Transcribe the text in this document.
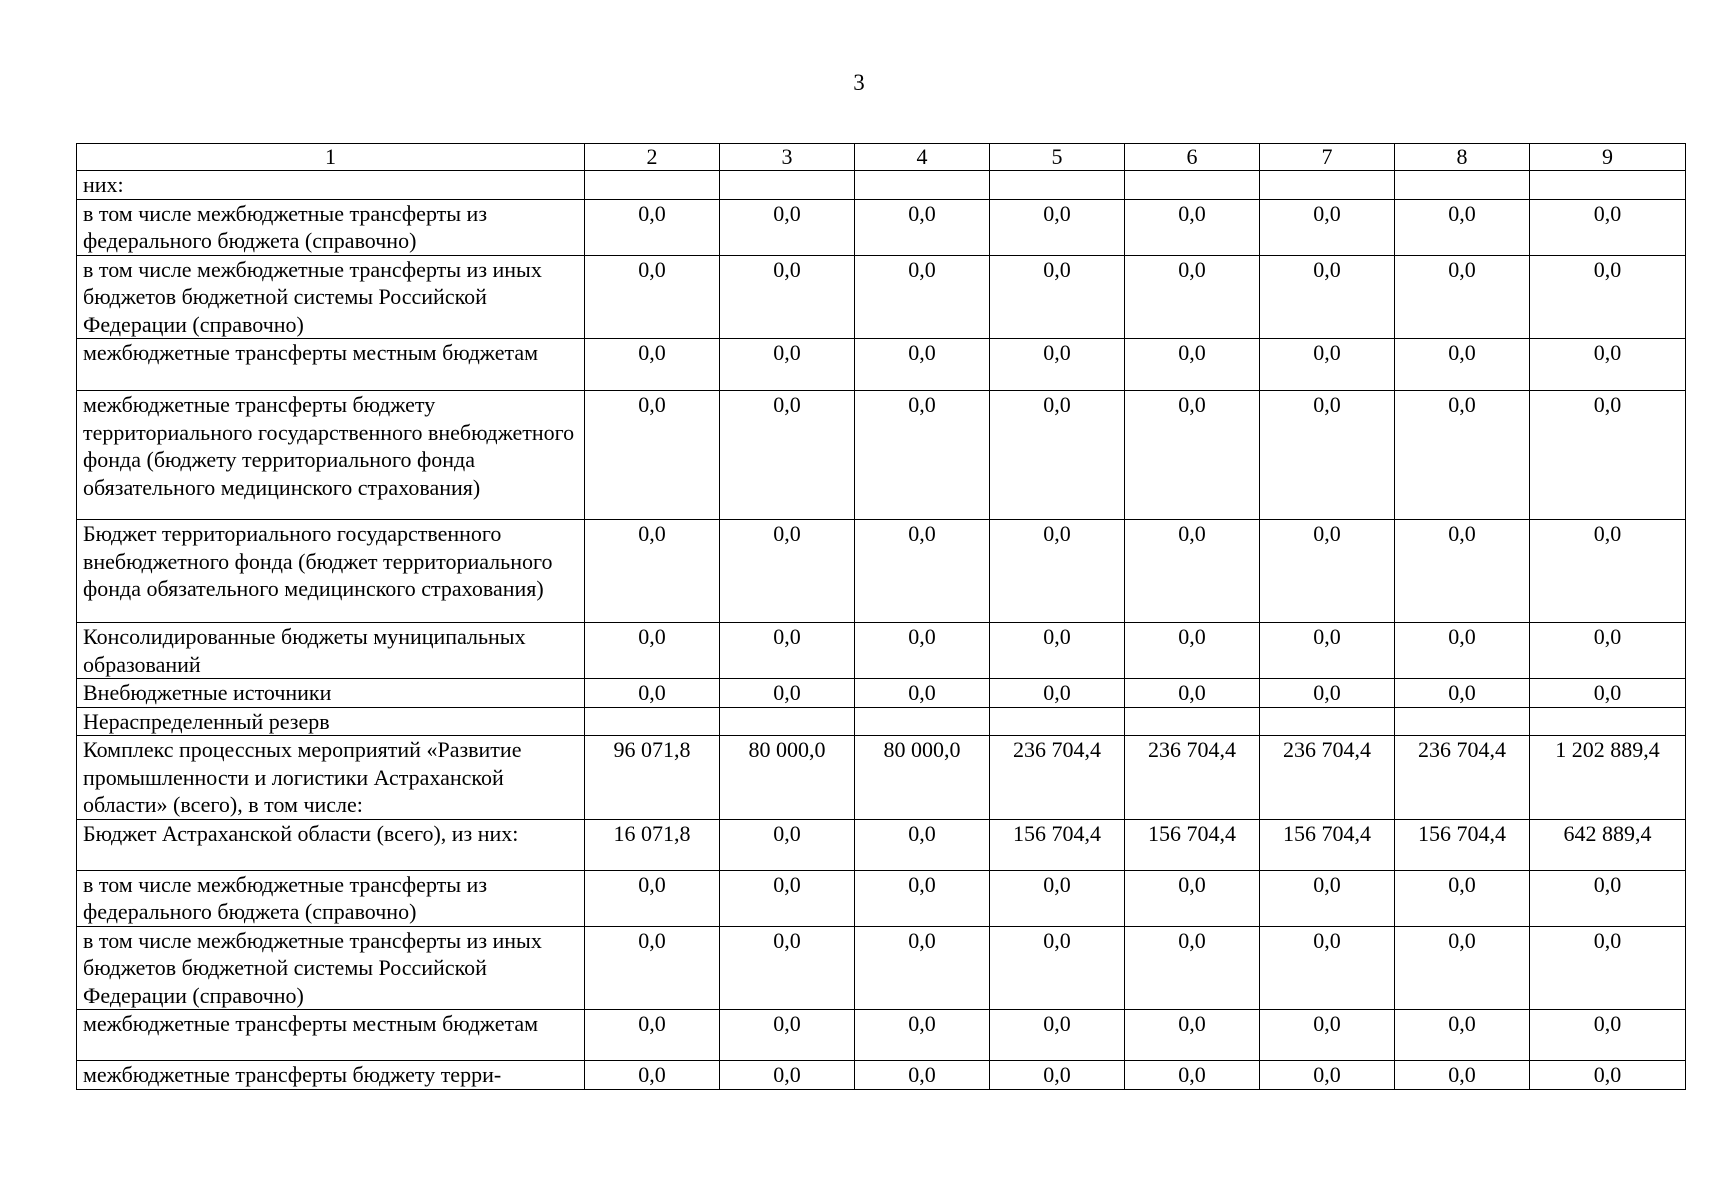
3
1	2	3	4	5	6	7	8	9
них:								
в том числе межбюджетные трансферты из федерального бюджета (справочно)	0,0	0,0	0,0	0,0	0,0	0,0	0,0	0,0
в том числе межбюджетные трансферты из иных бюджетов бюджетной системы Российской Федерации (справочно)	0,0	0,0	0,0	0,0	0,0	0,0	0,0	0,0
межбюджетные трансферты местным бюджетам	0,0	0,0	0,0	0,0	0,0	0,0	0,0	0,0
межбюджетные трансферты бюджету территориального государственного внебюджетного фонда (бюджету территориального фонда обязательного медицинского страхования)	0,0	0,0	0,0	0,0	0,0	0,0	0,0	0,0
Бюджет территориального государственного внебюджетного фонда (бюджет территориального фонда обязательного медицинского страхования)	0,0	0,0	0,0	0,0	0,0	0,0	0,0	0,0
Консолидированные бюджеты муниципальных образований	0,0	0,0	0,0	0,0	0,0	0,0	0,0	0,0
Внебюджетные источники	0,0	0,0	0,0	0,0	0,0	0,0	0,0	0,0
Нераспределенный резерв								
Комплекс процессных мероприятий «Развитие промышленности и логистики Астраханской области» (всего), в том числе:	96 071,8	80 000,0	80 000,0	236 704,4	236 704,4	236 704,4	236 704,4	1 202 889,4
Бюджет Астраханской области (всего), из них:	16 071,8	0,0	0,0	156 704,4	156 704,4	156 704,4	156 704,4	642 889,4
в том числе межбюджетные трансферты из федерального бюджета (справочно)	0,0	0,0	0,0	0,0	0,0	0,0	0,0	0,0
в том числе межбюджетные трансферты из иных бюджетов бюджетной системы Российской Федерации (справочно)	0,0	0,0	0,0	0,0	0,0	0,0	0,0	0,0
межбюджетные трансферты местным бюджетам	0,0	0,0	0,0	0,0	0,0	0,0	0,0	0,0
межбюджетные трансферты бюджету терри-	0,0	0,0	0,0	0,0	0,0	0,0	0,0	0,0
